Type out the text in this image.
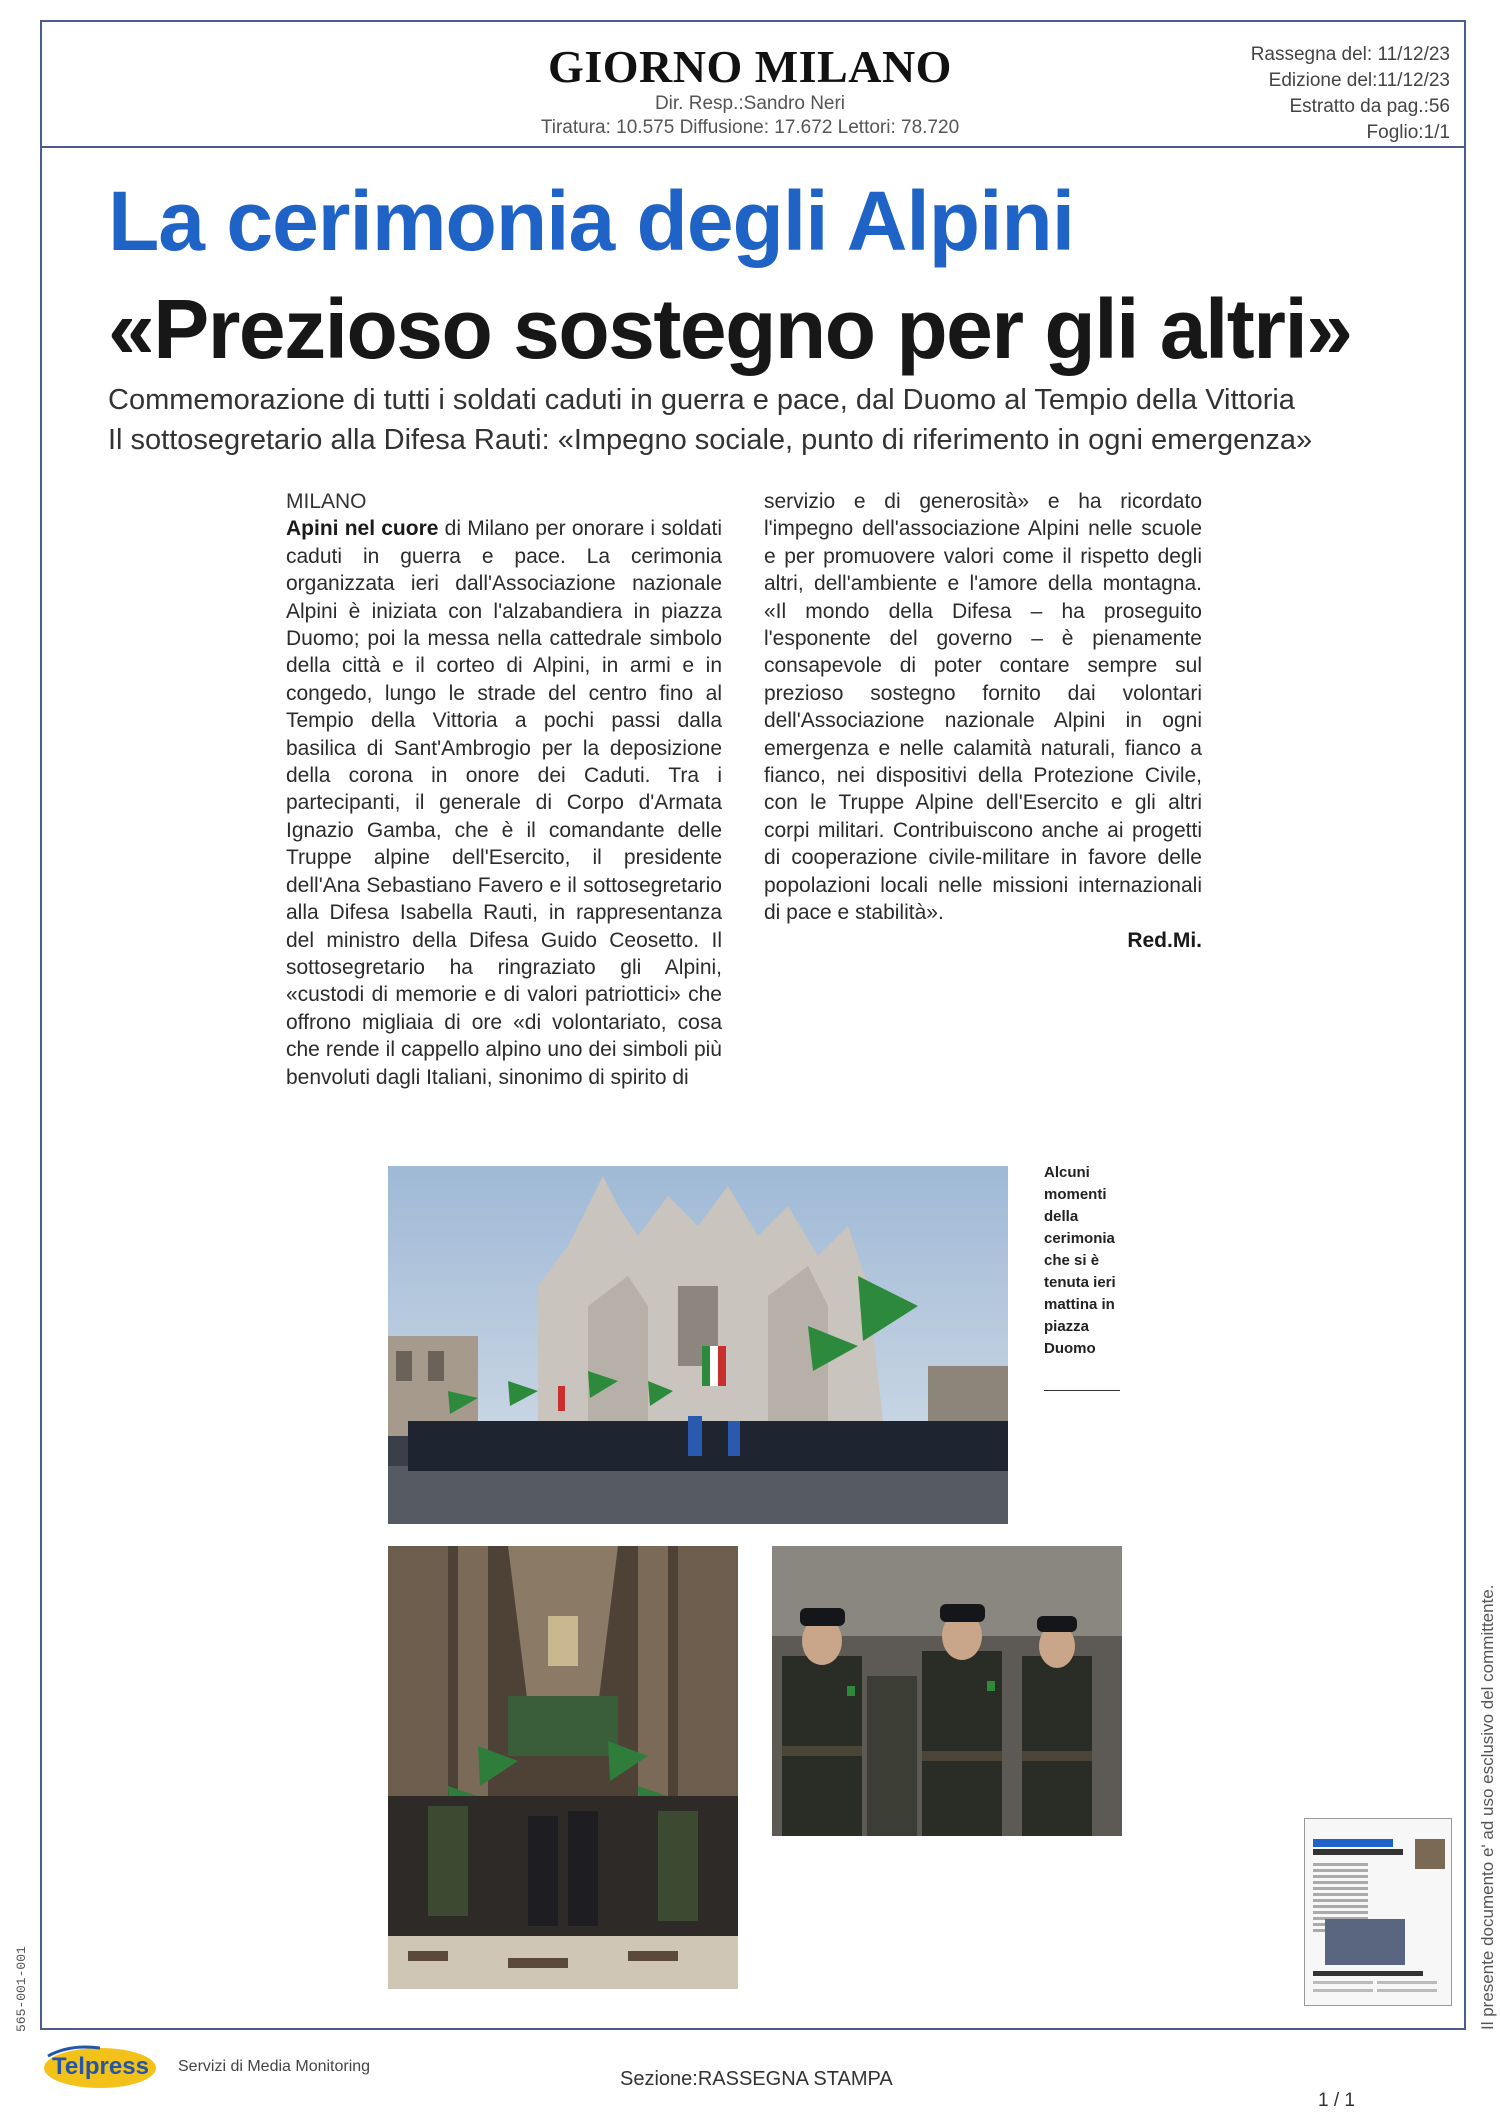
GIORNO MILANO
Dir. Resp.:Sandro Neri
Tiratura: 10.575 Diffusione: 17.672 Lettori: 78.720
Rassegna del: 11/12/23
Edizione del:11/12/23
Estratto da pag.:56
Foglio:1/1
La cerimonia degli Alpini
«Prezioso sostegno per gli altri»
Commemorazione di tutti i soldati caduti in guerra e pace, dal Duomo al Tempio della Vittoria
Il sottosegretario alla Difesa Rauti: «Impegno sociale, punto di riferimento in ogni emergenza»
MILANO
Apini nel cuore di Milano per onorare i soldati caduti in guerra e pace. La cerimonia organizzata ieri dall'Associazione nazionale Alpini è iniziata con l'alzabandiera in piazza Duomo; poi la messa nella cattedrale simbolo della città e il corteo di Alpini, in armi e in congedo, lungo le strade del centro fino al Tempio della Vittoria a pochi passi dalla basilica di Sant'Ambrogio per la deposizione della corona in onore dei Caduti. Tra i partecipanti, il generale di Corpo d'Armata Ignazio Gamba, che è il comandante delle Truppe alpine dell'Esercito, il presidente dell'Ana Sebastiano Favero e il sottosegretario alla Difesa Isabella Rauti, in rappresentanza del ministro della Difesa Guido Ceosetto. Il sottosegretario ha ringraziato gli Alpini, «custodi di memorie e di valori patriottici» che offrono migliaia di ore «di volontariato, cosa che rende il cappello alpino uno dei simboli più benvoluti dagli Italiani, sinonimo di spirito di
servizio e di generosità» e ha ricordato l'impegno dell'associazione Alpini nelle scuole e per promuovere valori come il rispetto degli altri, dell'ambiente e l'amore della montagna. «Il mondo della Difesa – ha proseguito l'esponente del governo – è pienamente consapevole di poter contare sempre sul prezioso sostegno fornito dai volontari dell'Associazione nazionale Alpini in ogni emergenza e nelle calamità naturali, fianco a fianco, nei dispositivi della Protezione Civile, con le Truppe Alpine dell'Esercito e gli altri corpi militari. Contribuiscono anche ai progetti di cooperazione civile-militare in favore delle popolazioni locali nelle missioni internazionali di pace e stabilità».
Red.Mi.
Alcuni momenti della cerimonia che si è tenuta ieri mattina in piazza Duomo
Il presente documento e' ad uso esclusivo del committente.
565-001-001
Telpress Servizi di Media Monitoring
Sezione:RASSEGNA STAMPA
1 / 1
